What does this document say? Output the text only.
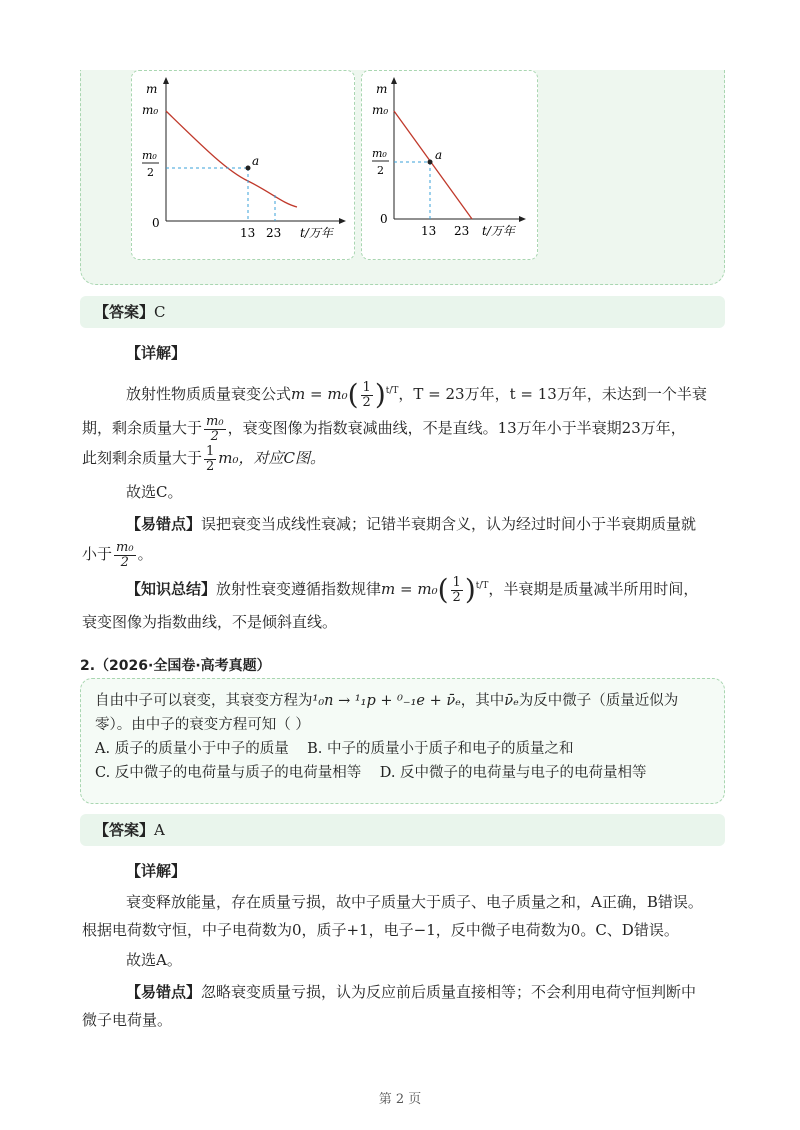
m
m₀
m₀
2
0
a
13 23 t/万年
m
m₀
m₀
2
0
a
13 23 t/万年
【答案】C
【详解】
放射性物质质量衰变公式$m = m_0( \frac{1}{2} )^{t/T}$，T = 23万年，t = 13万年，未达到一个半衰
期，剩余质量大于 $\frac{\text{m₀}}{2}$ ，衰变图像为指数衰减曲线，不是直线。13万年小于半衰期23万年，
此刻剩余质量大于 $\frac{1}{2} m_0$，对应C图。
故选C。
【易错点】误把衰变当成线性衰减；记错半衰期含义，认为经过时间小于半衰期质量就
小于 $\frac{\text{m₀}}{2}$ 。
【知识总结】放射性衰变遵循指数规律$m = m_0( \frac{1}{2} )^{t/T}$，半衰期是质量减半所用时间，
衰变图像为指数曲线，不是倾斜直线。
2.（2026·全国卷·高考真题）
自由中子可以衰变，其衰变方程为¹₀n → ¹₁p + ⁰₋₁e + ν̄ₑ，其中ν̄ₑ为反中微子（质量近似为
零）。由中子的衰变方程可知（ ）
A. 质子的质量小于中子的质量 B. 中子的质量小于质子和电子的质量之和
C. 反中微子的电荷量与质子的电荷量相等 D. 反中微子的电荷量与电子的电荷量相等
【答案】A
【详解】
衰变释放能量，存在质量亏损，故中子质量大于质子、电子质量之和，A正确，B错误。
根据电荷数守恒，中子电荷数为0，质子+1，电子−1，反中微子电荷数为0。C、D错误。
故选A。
【易错点】忽略衰变质量亏损，认为反应前后质量直接相等；不会利用电荷守恒判断中
微子电荷量。
第 2 页
